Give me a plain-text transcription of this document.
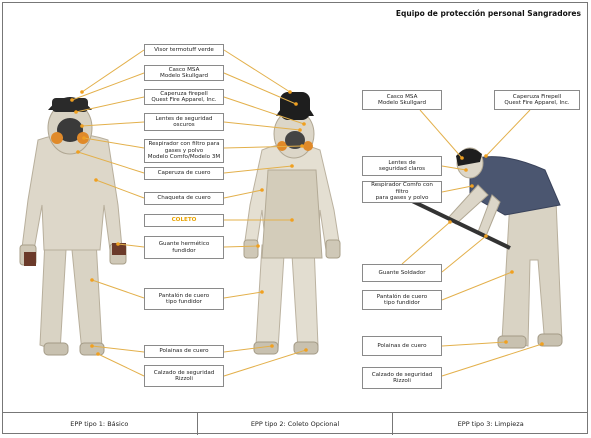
Equipo de protección personal Sangradores
Visor termotuff verde
Casco MSA
Modelo Skullgard
Caperuza firepell
Quest Fire Apparel, Inc.
Lentes de seguridad
oscuros
Respirador con filtro para
gases y polvo
Modelo Comfo/Modelo 3M
Caperuza de cuero
Chaqueta de cuero
COLETO
Guante hermético
fundidor
Pantalón de cuero
tipo fundidor
Polainas de cuero
Calzado de seguridad
Rizzoli
Casco MSA
Modelo Skullgard
Caperuza Firepell
Quest Fire Apparel, Inc.
Lentes de
seguridad claros
Respirador Comfo con filtro
para gases y polvo
Guante Soldador
Pantalón de cuero
tipo fundidor
Polainas de cuero
Calzado de seguridad
Rizzoli
EPP tipo 1: Básico	EPP tipo 2: Coleto Opcional	EPP tipo 3: Limpieza
